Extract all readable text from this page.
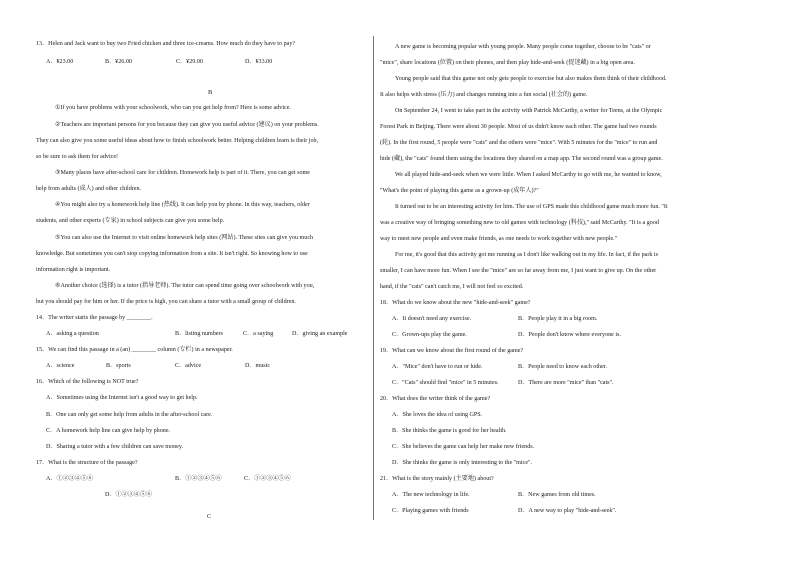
13．Helen and Jack want to buy two Fried chicken and three ice-creams. How much do they have to pay?
A．¥23.00	B．¥26.00	C．¥29.00	D．¥33.00
B
①If you have problems with your schoolwork, who can you get help from? Here is some advice.
②Teachers are important persons for you because they can give you useful advice (建议) on your problems.
They can also give you some useful ideas about how to finish schoolwork better. Helping children learn is their job,
so be sure to ask them for advice!
③Many places have after-school care for children. Homework help is part of it. There, you can get some
help from adults (成人) and other children.
④You might also try a homework help line (热线). It can help you by phone. In this way, teachers, older
students, and other experts (专家) in school subjects can give you some help.
⑤You can also use the Internet to visit online homework help sites (网站). These sites can give you much
knowledge. But sometimes you can't stop copying information from a site. It isn't right. So knowing how to use
information right is important.
⑥Another choice (选择) is a tutor (指导老师). The tutor can spend time going over schoolwork with you,
but you should pay for him or her. If the price is high, you can share a tutor with a small group of children.
14．The writer starts the passage by ________.
A．asking a question	B．listing numbers	C．a saying	D．giving an example
15．We can find this passage in a (an) ________ column (专栏) in a newspaper.
A．science	B．sports	C．advice	D．music
16．Which of the following is NOT true?
A．Sometimes using the Internet isn't a good way to get help.
B．One can only get some help from adults in the after-school care.
C．A homework help line can give help by phone.
D．Sharing a tutor with a few children can save money.
17．What is the structure of the passage?
A．①②③④⑤⑥	B．①②③④⑤⑥	C．①②③④⑤⑥
D．①②③④⑤⑥
C
A new game is becoming popular with young people. Many people come together, choose to be "cats" or
"mice", share locations (位置) on their phones, and then play hide-and-seek (捉迷藏) in a big open area.
Young people said that this game not only gets people to exercise but also makes them think of their childhood.
It also helps with stress (压力) and changes running into a fun social (社会的) game.
On September 24, I went to take part in the activity with Patrick McCarthy, a writer for Teens, at the Olympic
Forest Park in Beijing. There were about 30 people. Most of us didn't know each other. The game had two rounds
(轮). In the first round, 5 people were "cats" and the others were "mice". With 5 minutes for the "mice" to run and
hide (藏), the "cats" found them using the locations they shared on a map app. The second round was a group game.
We all played hide-and-seek when we were little. When I asked McCarthy to go with me, he wanted to know,
"What's the point of playing this game as a grown-up (成年人)?"
It turned out to be an interesting activity for him. The use of GPS made this childhood game much more fun. "It
was a creative way of bringing something new to old games with technology (科技)," said McCarthy. "It is a good
way to meet new people and even make friends, as one needs to work together with new people."
For me, it's good that this activity got me running as I don't like walking out in my life. In fact, if the park is
smaller, I can have more fun. When I see the "mice" are so far away from me, I just want to give up. On the other
hand, if the "cats" can't catch me, I will not feel so excited.
18．What do we know about the new "hide-and-seek" game?
A．It doesn't need any exercise.	B．People play it in a big room.
C．Grown-ups play the game.	D．People don't know where everyone is.
19．What can we know about the first round of the game?
A．"Mice" don't have to run or hide.	B．People need to know each other.
C．"Cats" should find "mice" in 5 minutes.	D．There are more "mice" than "cats".
20．What does the writer think of the game?
A．She loves the idea of using GPS.
B．She thinks the game is good for her health.
C．She believes the game can help her make new friends.
D．She thinks the game is only interesting to the "mice".
21．What is the story mainly (主要地) about?
A．The new technology in life.	B．New games from old times.
C．Playing games with friends	D．A new way to play "hide-and-seek".
